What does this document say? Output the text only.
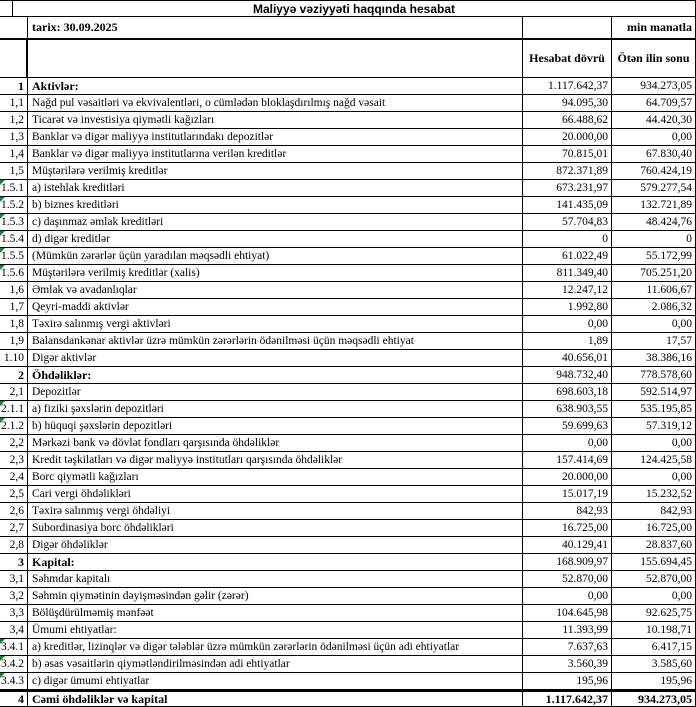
Maliyyə vəziyyəti haqqında hesabat
tarix: 30.09.2025	min manatla
Hesabat dövrü	Ötən ilin sonu
1 Aktivlər:	1.117.642,37	934.273,05
1,1 Nağd pul vəsaitləri və ekvivalentləri, o cümlədən bloklaşdırılmış nağd vəsait	94.095,30	64.709,57
1,2 Ticarət və investisiya qiymətli kağızları	66.488,62	44.420,30
1,3 Banklar və digər maliyyə institutlarındakı depozitlər	20.000,00	0,00
1,4 Banklar və digər maliyyə institutlarına verilən kreditlər	70.815,01	67.830,40
1,5 Müştərilərə verilmiş kreditlər	872.371,89	760.424,19
1.5.1 a) istehlak kreditləri	673.231,97	579.277,54
1.5.2 b) biznes kreditləri	141.435,09	132.721,89
1.5.3 c) daşınmaz əmlak kreditləri	57.704,83	48.424,76
1.5.4 d) digər kreditlər	0	0
1.5.5 (Mümkün zərərlər üçün yaradılan məqsədli ehtiyat)	61.022,49	55.172,99
1.5.6 Müştərilərə verilmiş kreditlər (xalis)	811.349,40	705.251,20
1,6 Əmlak və avadanlıqlar	12.247,12	11.606,67
1,7 Qeyri-maddi aktivlər	1.992,80	2.086,32
1,8 Təxirə salınmış vergi aktivləri	0,00	0,00
1,9 Balansdankənar aktivlər üzrə mümkün zərərlərin ödənilməsi üçün məqsədli ehtiyat	1,89	17,57
1.10 Digər aktivlər	40.656,01	38.386,16
2 Öhdəliklər:	948.732,40	778.578,60
2,1 Depozitlər	698.603,18	592.514,97
2.1.1 a) fiziki şəxslərin depozitləri	638.903,55	535.195,85
2.1.2 b) hüquqi şəxslərin depozitləri	59.699,63	57.319,12
2,2 Mərkəzi bank və dövlət fondları qarşısında öhdəliklər	0,00	0,00
2,3 Kredit təşkilatları və digər maliyyə institutları qarşısında öhdəliklər	157.414,69	124.425,58
2,4 Borc qiymətli kağızları	20.000,00	0,00
2,5 Cari vergi öhdəlikləri	15.017,19	15.232,52
2,6 Təxirə salınmış vergi öhdəliyi	842,93	842,93
2,7 Subordinasiya borc öhdəlikləri	16.725,00	16.725,00
2,8 Digər öhdəliklər	40.129,41	28.837,60
3 Kapital:	168.909,97	155.694,45
3,1 Səhmdar kapitalı	52.870,00	52.870,00
3,2 Səhmin qiymətinin dəyişməsindən gəlir (zərər)	0,00	0,00
3,3 Bölüşdürülməmiş mənfəət	104.645,98	92.625,75
3,4 Ümumi ehtiyatlar:	11.393,99	10.198,71
3.4.1 a) kreditlər, lizinqlər və digər tələblər üzrə mümkün zərərlərin ödənilməsi üçün adi ehtiyatlar	7.637,63	6.417,15
3.4.2 b) əsas vəsaitlərin qiymətləndirilməsindən adi ehtiyatlar	3.560,39	3.585,60
3.4.3 c) digər ümumi ehtiyatlar	195,96	195,96
4 Cəmi öhdəliklər və kapital	1.117.642,37	934.273,05
